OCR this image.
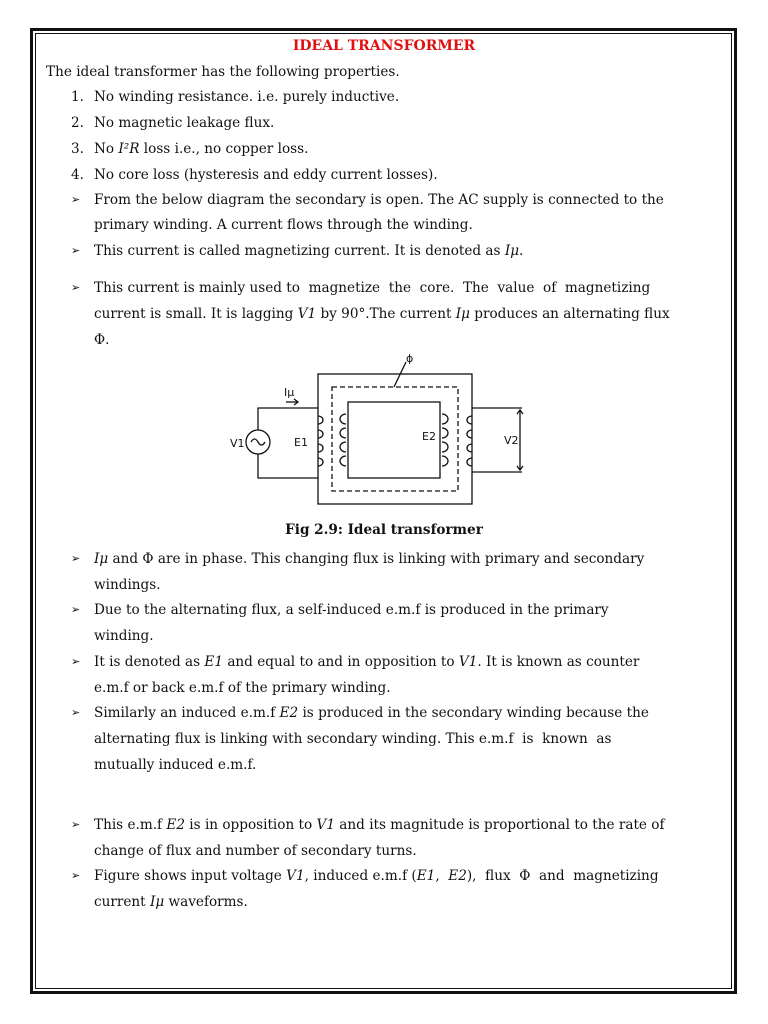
IDEAL TRANSFORMER
The ideal transformer has the following properties.
1. No winding resistance. i.e. purely inductive.
2. No magnetic leakage flux.
3. No I²R loss i.e., no copper loss.
4. No core loss (hysteresis and eddy current losses).
➢ From the below diagram the secondary is open. The AC supply is connected to the
primary winding. A current flows through the winding.
➢ This current is called magnetizing current. It is denoted as Iμ.
➢ This current is mainly used to  magnetize  the  core.  The  value  of  magnetizing
current is small. It is lagging V1 by 90°.The current Iμ produces an alternating flux
Φ.
ϕ
Iμ
V1	E1	E2	V2
Fig 2.9: Ideal transformer
➢ Iμ and Φ are in phase. This changing flux is linking with primary and secondary
windings.
➢ Due to the alternating flux, a self-induced e.m.f is produced in the primary
winding.
➢ It is denoted as E1 and equal to and in opposition to V1. It is known as counter
e.m.f or back e.m.f of the primary winding.
➢ Similarly an induced e.m.f E2 is produced in the secondary winding because the
alternating flux is linking with secondary winding. This e.m.f  is  known  as
mutually induced e.m.f.
➢ This e.m.f E2 is in opposition to V1 and its magnitude is proportional to the rate of
change of flux and number of secondary turns.
➢ Figure shows input voltage V1, induced e.m.f (E1,  E2),  flux  Φ  and  magnetizing
current Iμ waveforms.
